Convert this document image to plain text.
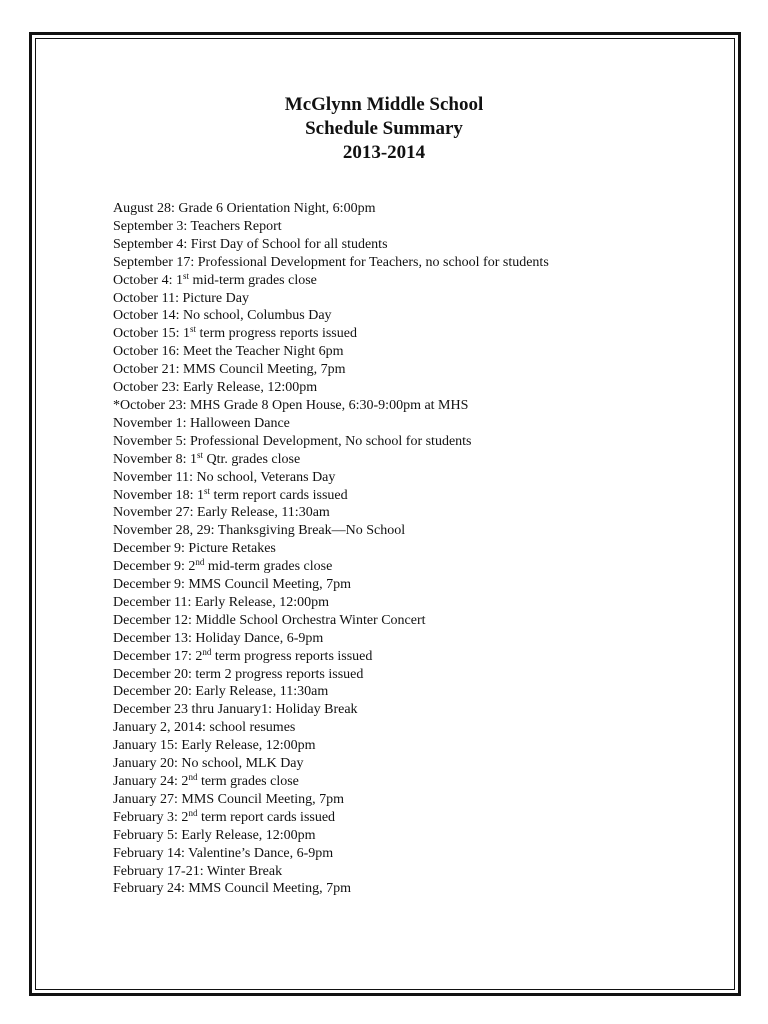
McGlynn Middle School

Schedule Summary

2013-2014

August 28: Grade 6 Orientation Night, 6:00pm
September 3: Teachers Report
September 4: First Day of School for all students
September 17: Professional Development for Teachers, no school for students
October 4: 1st mid-term grades close
October 11: Picture Day
October 14: No school, Columbus Day
October 15: 1st term progress reports issued
October 16: Meet the Teacher Night 6pm
October 21: MMS Council Meeting, 7pm
October 23: Early Release, 12:00pm
*October 23: MHS Grade 8 Open House, 6:30-9:00pm at MHS
November 1: Halloween Dance
November 5: Professional Development, No school for students
November 8: 1st Qtr. grades close
November 11: No school, Veterans Day
November 18: 1st term report cards issued
November 27: Early Release, 11:30am
November 28, 29: Thanksgiving Break—No School
December 9: Picture Retakes
December 9: 2nd mid-term grades close
December 9: MMS Council Meeting, 7pm
December 11: Early Release, 12:00pm
December 12: Middle School Orchestra Winter Concert
December 13: Holiday Dance, 6-9pm
December 17: 2nd term progress reports issued
December 20: term 2 progress reports issued
December 20: Early Release, 11:30am
December 23 thru January1: Holiday Break
January 2, 2014: school resumes
January 15: Early Release, 12:00pm
January 20: No school, MLK Day
January 24: 2nd term grades close
January 27: MMS Council Meeting, 7pm
February 3: 2nd term report cards issued
February 5: Early Release, 12:00pm
February 14: Valentine’s Dance, 6-9pm
February 17-21: Winter Break
February 24: MMS Council Meeting, 7pm
